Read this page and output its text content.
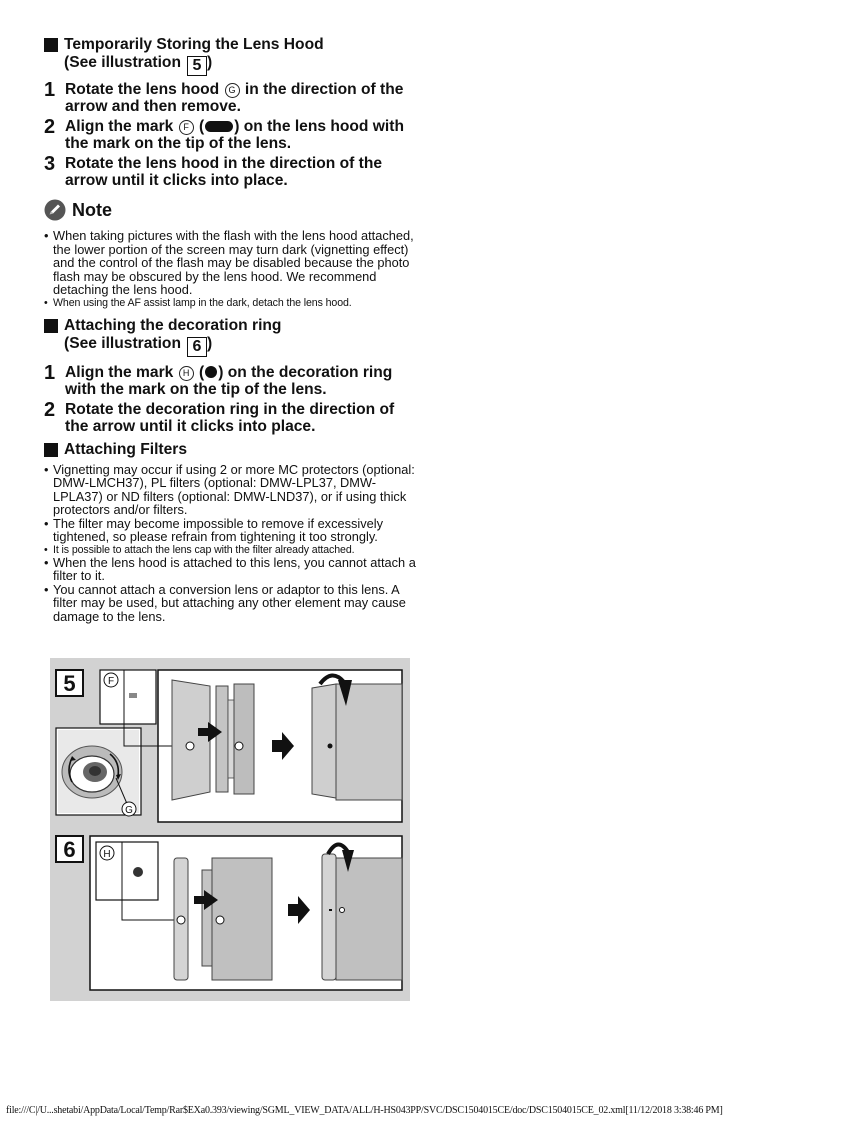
Temporarily Storing the Lens Hood
(See illustration 5 )
1 Rotate the lens hood G in the direction of the arrow and then remove.
2 Align the mark F ( ) on the lens hood with the mark on the tip of the lens.
3 Rotate the lens hood in the direction of the arrow until it clicks into place.
Note
• When taking pictures with the flash with the lens hood attached, the lower portion of the screen may turn dark (vignetting effect) and the control of the flash may be disabled because the photo flash may be obscured by the lens hood. We recommend detaching the lens hood.
• When using the AF assist lamp in the dark, detach the lens hood.
Attaching the decoration ring
(See illustration 6 )
1 Align the mark H ( ) on the decoration ring with the mark on the tip of the lens.
2 Rotate the decoration ring in the direction of the arrow until it clicks into place.
Attaching Filters
• Vignetting may occur if using 2 or more MC protectors (optional: DMW-LMCH37), PL filters (optional: DMW-LPL37, DMW-LPLA37) or ND filters (optional: DMW-LND37), or if using thick protectors and/or filters.
• The filter may become impossible to remove if excessively tightened, so please refrain from tightening it too strongly.
• It is possible to attach the lens cap with the filter already attached.
• When the lens hood is attached to this lens, you cannot attach a filter to it.
• You cannot attach a conversion lens or adaptor to this lens. A filter may be used, but attaching any other element may cause damage to the lens.
5	F
G
6	H
file:///C|/U...shetabi/AppData/Local/Temp/Rar$EXa0.393/viewing/SGML_VIEW_DATA/ALL/H-HS043PP/SVC/DSC1504015CE/doc/DSC1504015CE_02.xml[11/12/2018 3:38:46 PM]
